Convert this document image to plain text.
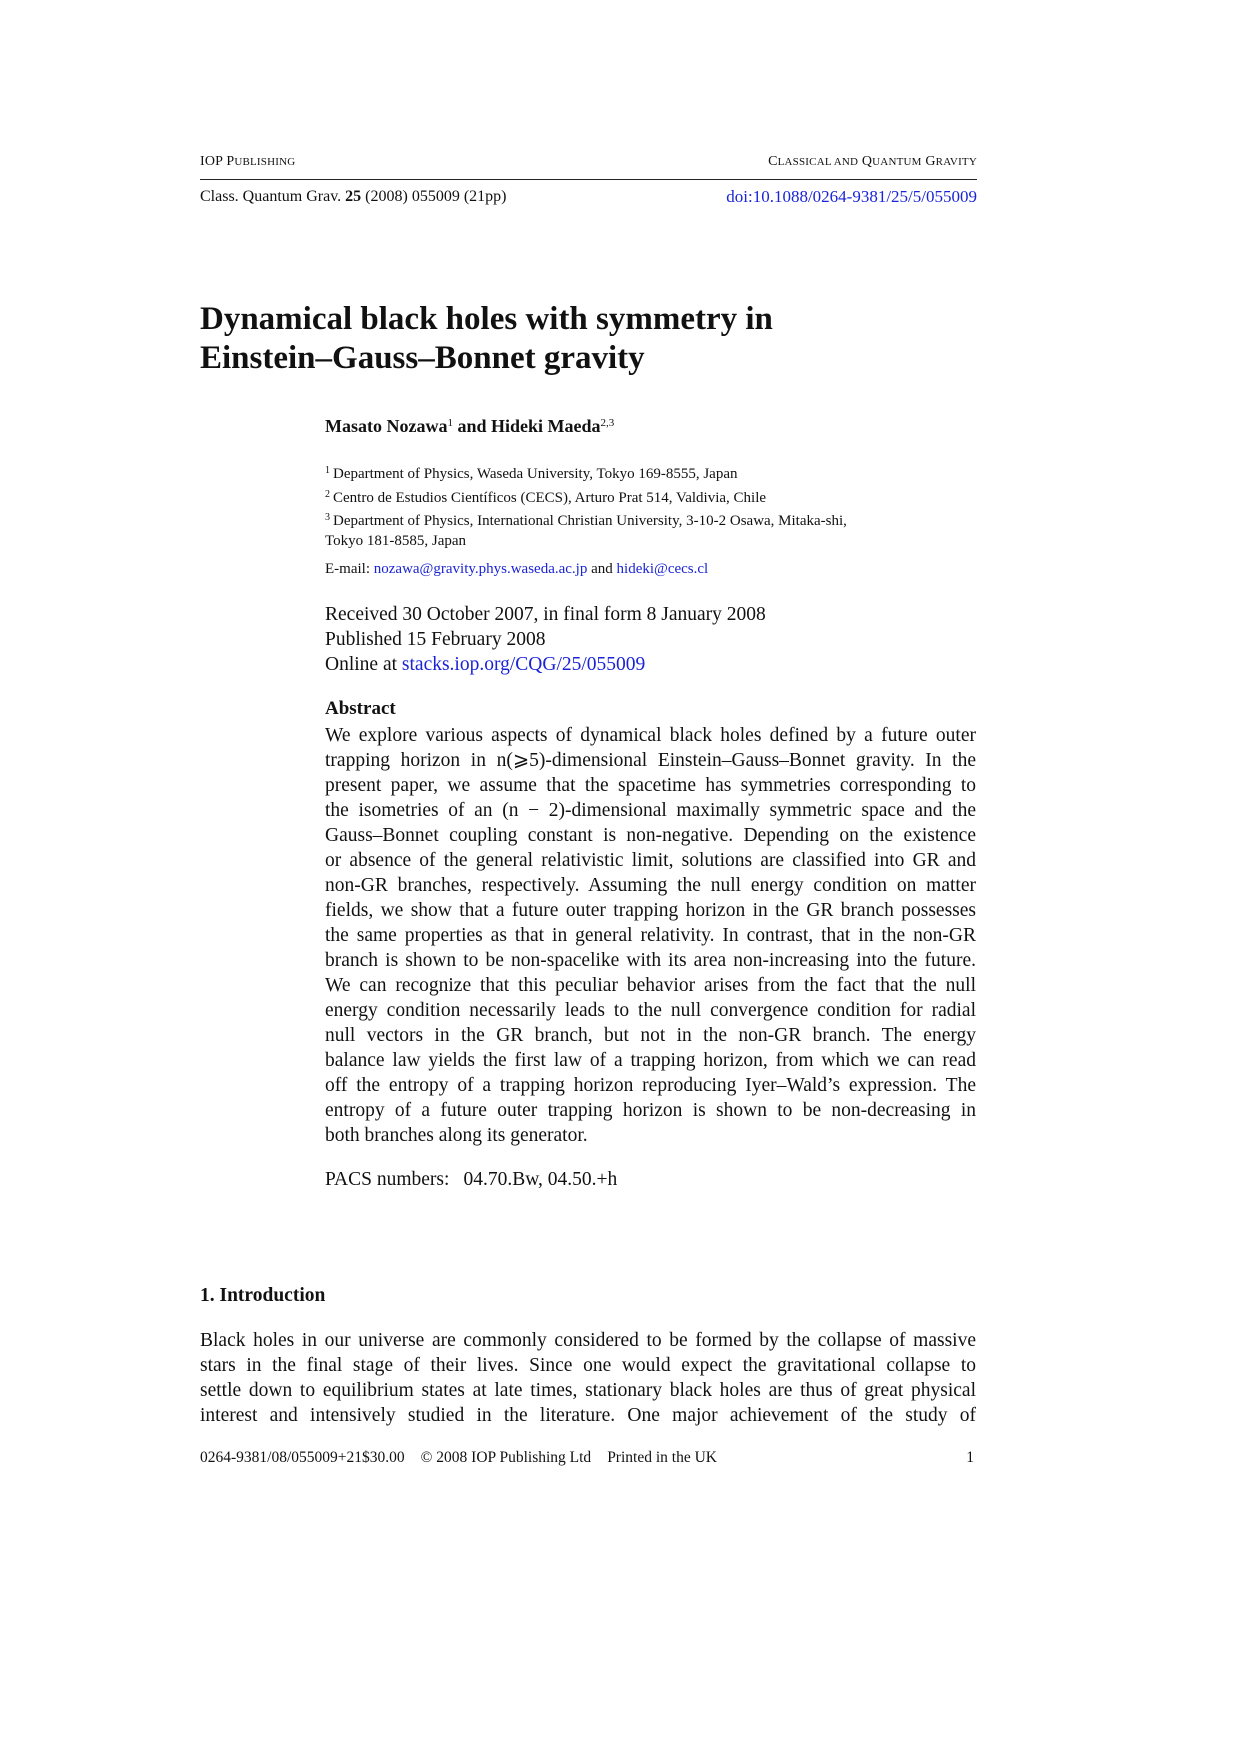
IOP PUBLISHING	CLASSICAL AND QUANTUM GRAVITY
Class. Quantum Grav. 25 (2008) 055009 (21pp)	doi:10.1088/0264-9381/25/5/055009
Dynamical black holes with symmetry in
Einstein–Gauss–Bonnet gravity
Masato Nozawa$^1$ and Hideki Maeda$^{2,3}$
$^1$ Department of Physics, Waseda University, Tokyo 169-8555, Japan
$^2$ Centro de Estudios Científicos (CECS), Arturo Prat 514, Valdivia, Chile
$^3$ Department of Physics, International Christian University, 3-10-2 Osawa, Mitaka-shi,
Tokyo 181-8585, Japan
E-mail: nozawa@gravity.phys.waseda.ac.jp and hideki@cecs.cl
Received 30 October 2007, in final form 8 January 2008
Published 15 February 2008
Online at stacks.iop.org/CQG/25/055009
Abstract
We explore various aspects of dynamical black holes defined by a future outer
trapping horizon in n(⩾5)-dimensional Einstein–Gauss–Bonnet gravity. In the
present paper, we assume that the spacetime has symmetries corresponding to
the isometries of an (n − 2)-dimensional maximally symmetric space and the
Gauss–Bonnet coupling constant is non-negative. Depending on the existence
or absence of the general relativistic limit, solutions are classified into GR and
non-GR branches, respectively. Assuming the null energy condition on matter
fields, we show that a future outer trapping horizon in the GR branch possesses
the same properties as that in general relativity. In contrast, that in the non-GR
branch is shown to be non-spacelike with its area non-increasing into the future.
We can recognize that this peculiar behavior arises from the fact that the null
energy condition necessarily leads to the null convergence condition for radial
null vectors in the GR branch, but not in the non-GR branch. The energy
balance law yields the first law of a trapping horizon, from which we can read
off the entropy of a trapping horizon reproducing Iyer–Wald’s expression. The
entropy of a future outer trapping horizon is shown to be non-decreasing in
both branches along its generator.
PACS numbers: 04.70.Bw, 04.50.+h
1. Introduction
Black holes in our universe are commonly considered to be formed by the collapse of massive
stars in the final stage of their lives. Since one would expect the gravitational collapse to
settle down to equilibrium states at late times, stationary black holes are thus of great physical
interest and intensively studied in the literature. One major achievement of the study of
0264-9381/08/055009+21$30.00 © 2008 IOP Publishing Ltd Printed in the UK	1
